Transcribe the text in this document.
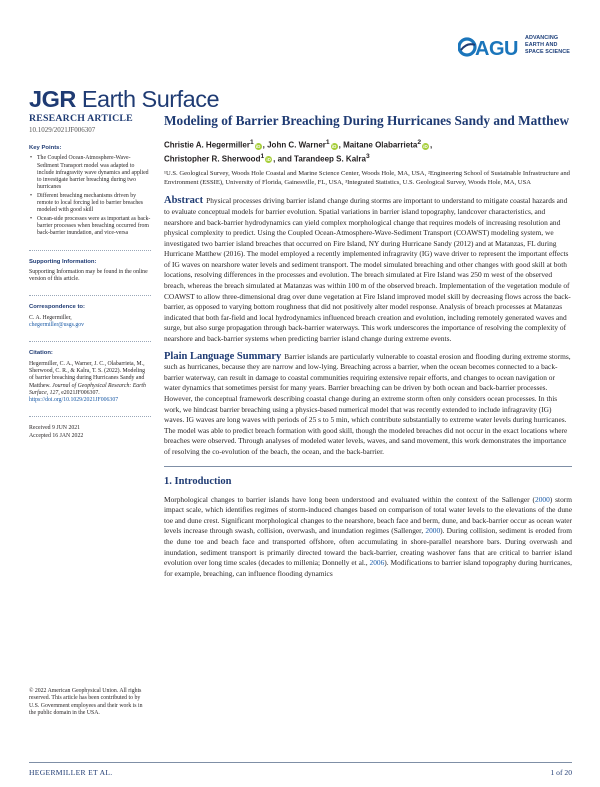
AGU ADVANCING
EARTH AND
SPACE SCIENCE
JGR Earth Surface
RESEARCH ARTICLE
10.1029/2021JF006307
Key Points:
• The Coupled Ocean-Atmosphere-Wave-Sediment Transport model was adapted to include infragravity wave dynamics and applied to investigate barrier breaching during two hurricanes
• Different breaching mechanisms driven by remote to local forcing led to barrier breaches modeled with good skill
• Ocean-side processes were as important as back-barrier processes when breaching occurred from back-barrier inundation, and vice-versa
Supporting Information:
Supporting Information may be found in the online version of this article.
Correspondence to:
C. A. Hegermiller,
chegermiller@usgs.gov
Citation:
Hegermiller, C. A., Warner, J. C., Olabarrieta, M., Sherwood, C. R., & Kalra, T. S. (2022). Modeling of barrier breaching during Hurricanes Sandy and Matthew. Journal of Geophysical Research: Earth Surface, 127, e2021JF006307. https://doi.org/10.1029/2021JF006307
Received 9 JUN 2021
Accepted 16 JAN 2022
© 2022 American Geophysical Union. All rights reserved. This article has been contributed to by U.S. Government employees and their work is in the public domain in the USA.
Modeling of Barrier Breaching During Hurricanes Sandy and Matthew
Christie A. Hegermiller$^1$iD , John C. Warner$^1$iD , Maitane Olabarrieta$^2$iD ,
Christopher R. Sherwood$^1$iD , and Tarandeep S. Kalra$^3$
¹U.S. Geological Survey, Woods Hole Coastal and Marine Science Center, Woods Hole, MA, USA, ²Engineering School of Sustainable Infrastructure and Environment (ESSIE), University of Florida, Gainesville, FL, USA, ³Integrated Statistics, U.S. Geological Survey, Woods Hole, MA, USA
Abstract Physical processes driving barrier island change during storms are important to understand to mitigate coastal hazards and to evaluate conceptual models for barrier evolution. Spatial variations in barrier island topography, landcover characteristics, and nearshore and back-barrier hydrodynamics can yield complex morphological change that requires models of increasing resolution and physical complexity to predict. Using the Coupled Ocean-Atmosphere-Wave-Sediment Transport (COAWST) modeling system, we investigated two barrier island breaches that occurred on Fire Island, NY during Hurricane Sandy (2012) and at Matanzas, FL during Hurricane Matthew (2016). The model employed a recently implemented infragravity (IG) wave driver to represent the important effects of IG waves on nearshore water levels and sediment transport. The model simulated breaching and other changes with good skill at both locations, resolving differences in the processes and evolution. The breach simulated at Fire Island was 250 m west of the observed breach, whereas the breach simulated at Matanzas was within 100 m of the observed breach. Implementation of the vegetation module of COAWST to allow three-dimensional drag over dune vegetation at Fire Island improved model skill by decreasing flows across the back-barrier, as opposed to varying bottom roughness that did not positively alter model response. Analysis of breach processes at Matanzas indicated that both far-field and local hydrodynamics influenced breach creation and evolution, including remotely generated waves and surge, but also surge propagation through back-barrier waterways. This work underscores the importance of resolving the complexity of nearshore and back-barrier systems when predicting barrier island change during extreme events.
Plain Language Summary Barrier islands are particularly vulnerable to coastal erosion and flooding during extreme storms, such as hurricanes, because they are narrow and low-lying. Breaching across a barrier, when the ocean becomes connected to a back-barrier waterway, can result in damage to coastal communities requiring extensive repair efforts, and changes to ocean navigation or water dynamics that sometimes persist for many years. Barrier breaching can be driven by both ocean and back-barrier processes. However, the conceptual framework describing coastal change during an extreme storm often only considers ocean processes. In this work, we hindcast barrier breaching using a physics-based numerical model that was recently extended to include infragravity (IG) waves. IG waves are long waves with periods of 25 s to 5 min, which contribute substantially to extreme water levels during hurricanes. The model was able to predict breach formation with good skill, though the modeled breaches did not occur in the exact locations where breaches were observed. Through analyses of modeled water levels, waves, and sand movement, this work demonstrates the importance of resolving the co-evolution of the beach, the ocean, and the back-barrier.
1. Introduction
Morphological changes to barrier islands have long been understood and evaluated within the context of the Sallenger (2000) storm impact scale, which identifies regimes of storm-induced changes based on comparison of total water levels to the elevations of the dune toe and dune crest. Significant morphological changes to the nearshore, beach face and berm, dune, and back-barrier occur as ocean water levels increase through swash, collision, overwash, and inundation regimes (Sallenger, 2000). During collision, sediment is eroded from the dune toe and beach face and transported offshore, often accumulating in shore-parallel nearshore bars. During overwash and inundation, sediment transport is primarily directed toward the back-barrier, creating washover fans that are critical to barrier island evolution over long time scales (decades to millenia; Donnelly et al., 2006). Modifications to barrier island topography during hurricanes, for example, breaching, can influence flooding dynamics
HEGERMILLER ET AL.	1 of 20
